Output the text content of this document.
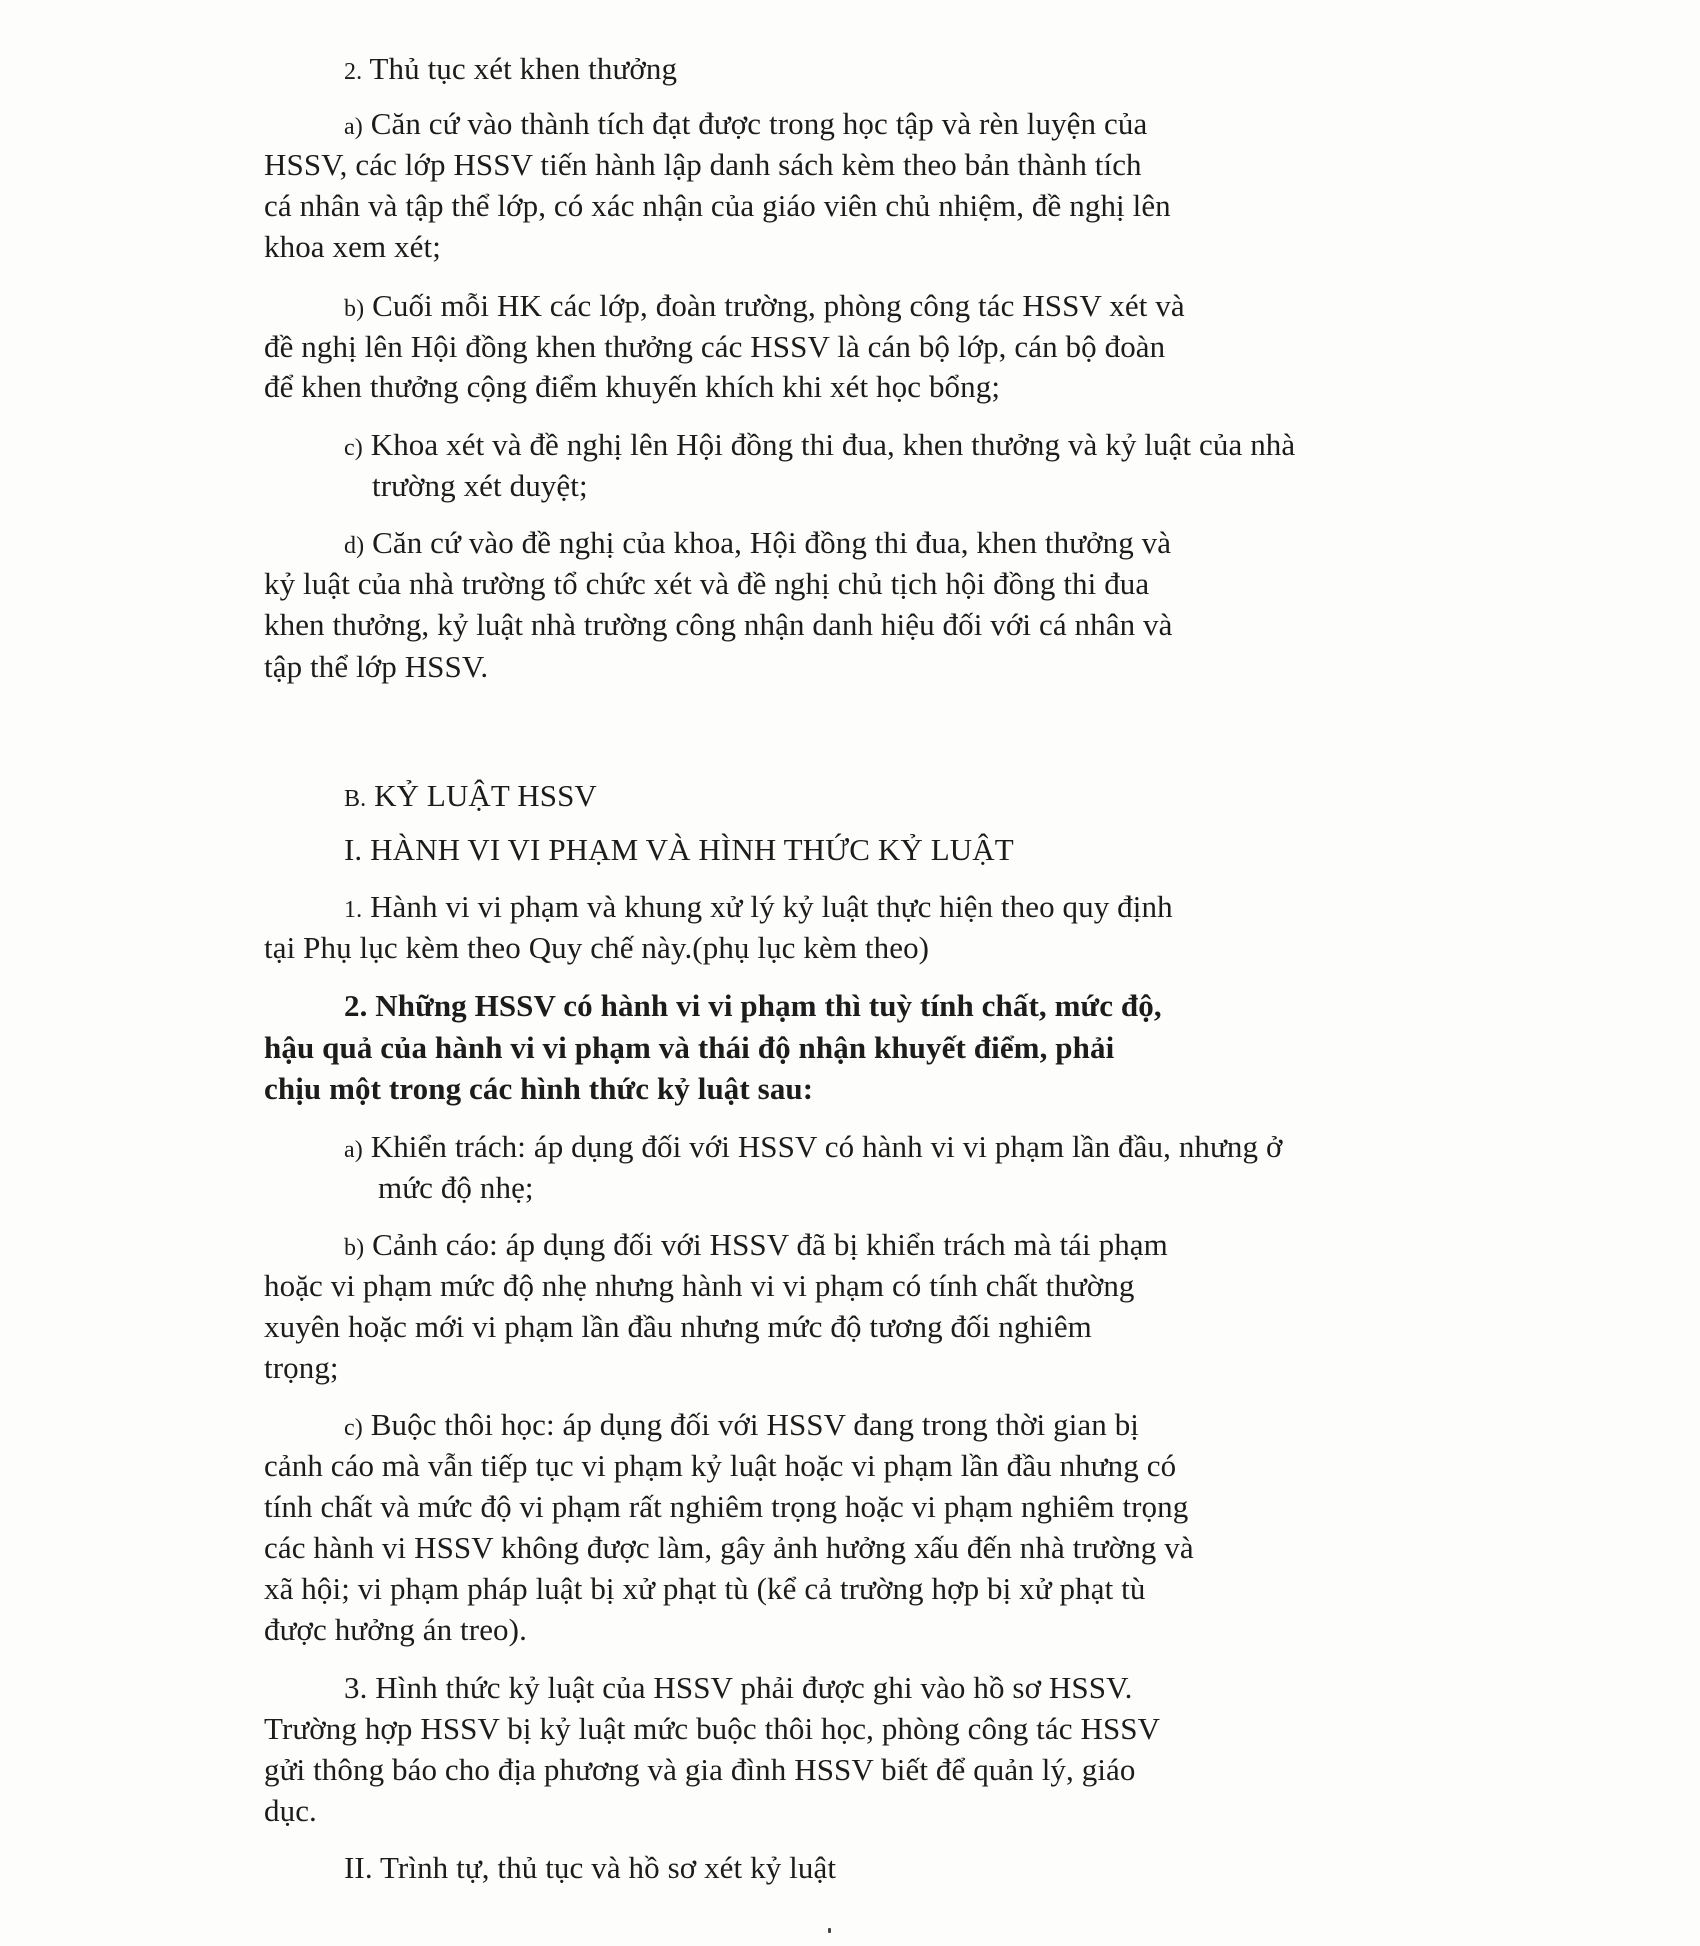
2. Thủ tục xét khen thưởng
a) Căn cứ vào thành tích đạt được trong học tập và rèn luyện của
HSSV, các lớp HSSV tiến hành lập danh sách kèm theo bản thành tích
cá nhân và tập thể lớp, có xác nhận của giáo viên chủ nhiệm, đề nghị lên
khoa xem xét;
b) Cuối mỗi HK các lớp, đoàn trường, phòng công tác HSSV xét và
đề nghị lên Hội đồng khen thưởng các HSSV là cán bộ lớp, cán bộ đoàn
để khen thưởng cộng điểm khuyến khích khi xét học bổng;
c) Khoa xét và đề nghị lên Hội đồng thi đua, khen thưởng và kỷ luật của nhà
trường xét duyệt;
d) Căn cứ vào đề nghị của khoa, Hội đồng thi đua, khen thưởng và
kỷ luật của nhà trường tổ chức xét và đề nghị chủ tịch hội đồng thi đua
khen thưởng, kỷ luật nhà trường công nhận danh hiệu đối với cá nhân và
tập thể lớp HSSV.
B. KỶ LUẬT HSSV
I. HÀNH VI VI PHẠM VÀ HÌNH THỨC KỶ LUẬT
1. Hành vi vi phạm và khung xử lý kỷ luật thực hiện theo quy định
tại Phụ lục kèm theo Quy chế này.(phụ lục kèm theo)
2. Những HSSV có hành vi vi phạm thì tuỳ tính chất, mức độ,
hậu quả của hành vi vi phạm và thái độ nhận khuyết điểm, phải
chịu một trong các hình thức kỷ luật sau:
a) Khiển trách: áp dụng đối với HSSV có hành vi vi phạm lần đầu, nhưng ở
mức độ nhẹ;
b) Cảnh cáo: áp dụng đối với HSSV đã bị khiển trách mà tái phạm
hoặc vi phạm mức độ nhẹ nhưng hành vi vi phạm có tính chất thường
xuyên hoặc mới vi phạm lần đầu nhưng mức độ tương đối nghiêm
trọng;
c) Buộc thôi học: áp dụng đối với HSSV đang trong thời gian bị
cảnh cáo mà vẫn tiếp tục vi phạm kỷ luật hoặc vi phạm lần đầu nhưng có
tính chất và mức độ vi phạm rất nghiêm trọng hoặc vi phạm nghiêm trọng
các hành vi HSSV không được làm, gây ảnh hưởng xấu đến nhà trường và
xã hội; vi phạm pháp luật bị xử phạt tù (kể cả trường hợp bị xử phạt tù
được hưởng án treo).
3. Hình thức kỷ luật của HSSV phải được ghi vào hồ sơ HSSV.
Trường hợp HSSV bị kỷ luật mức buộc thôi học, phòng công tác HSSV
gửi thông báo cho địa phương và gia đình HSSV biết để quản lý, giáo
dục.
II. Trình tự, thủ tục và hồ sơ xét kỷ luật
